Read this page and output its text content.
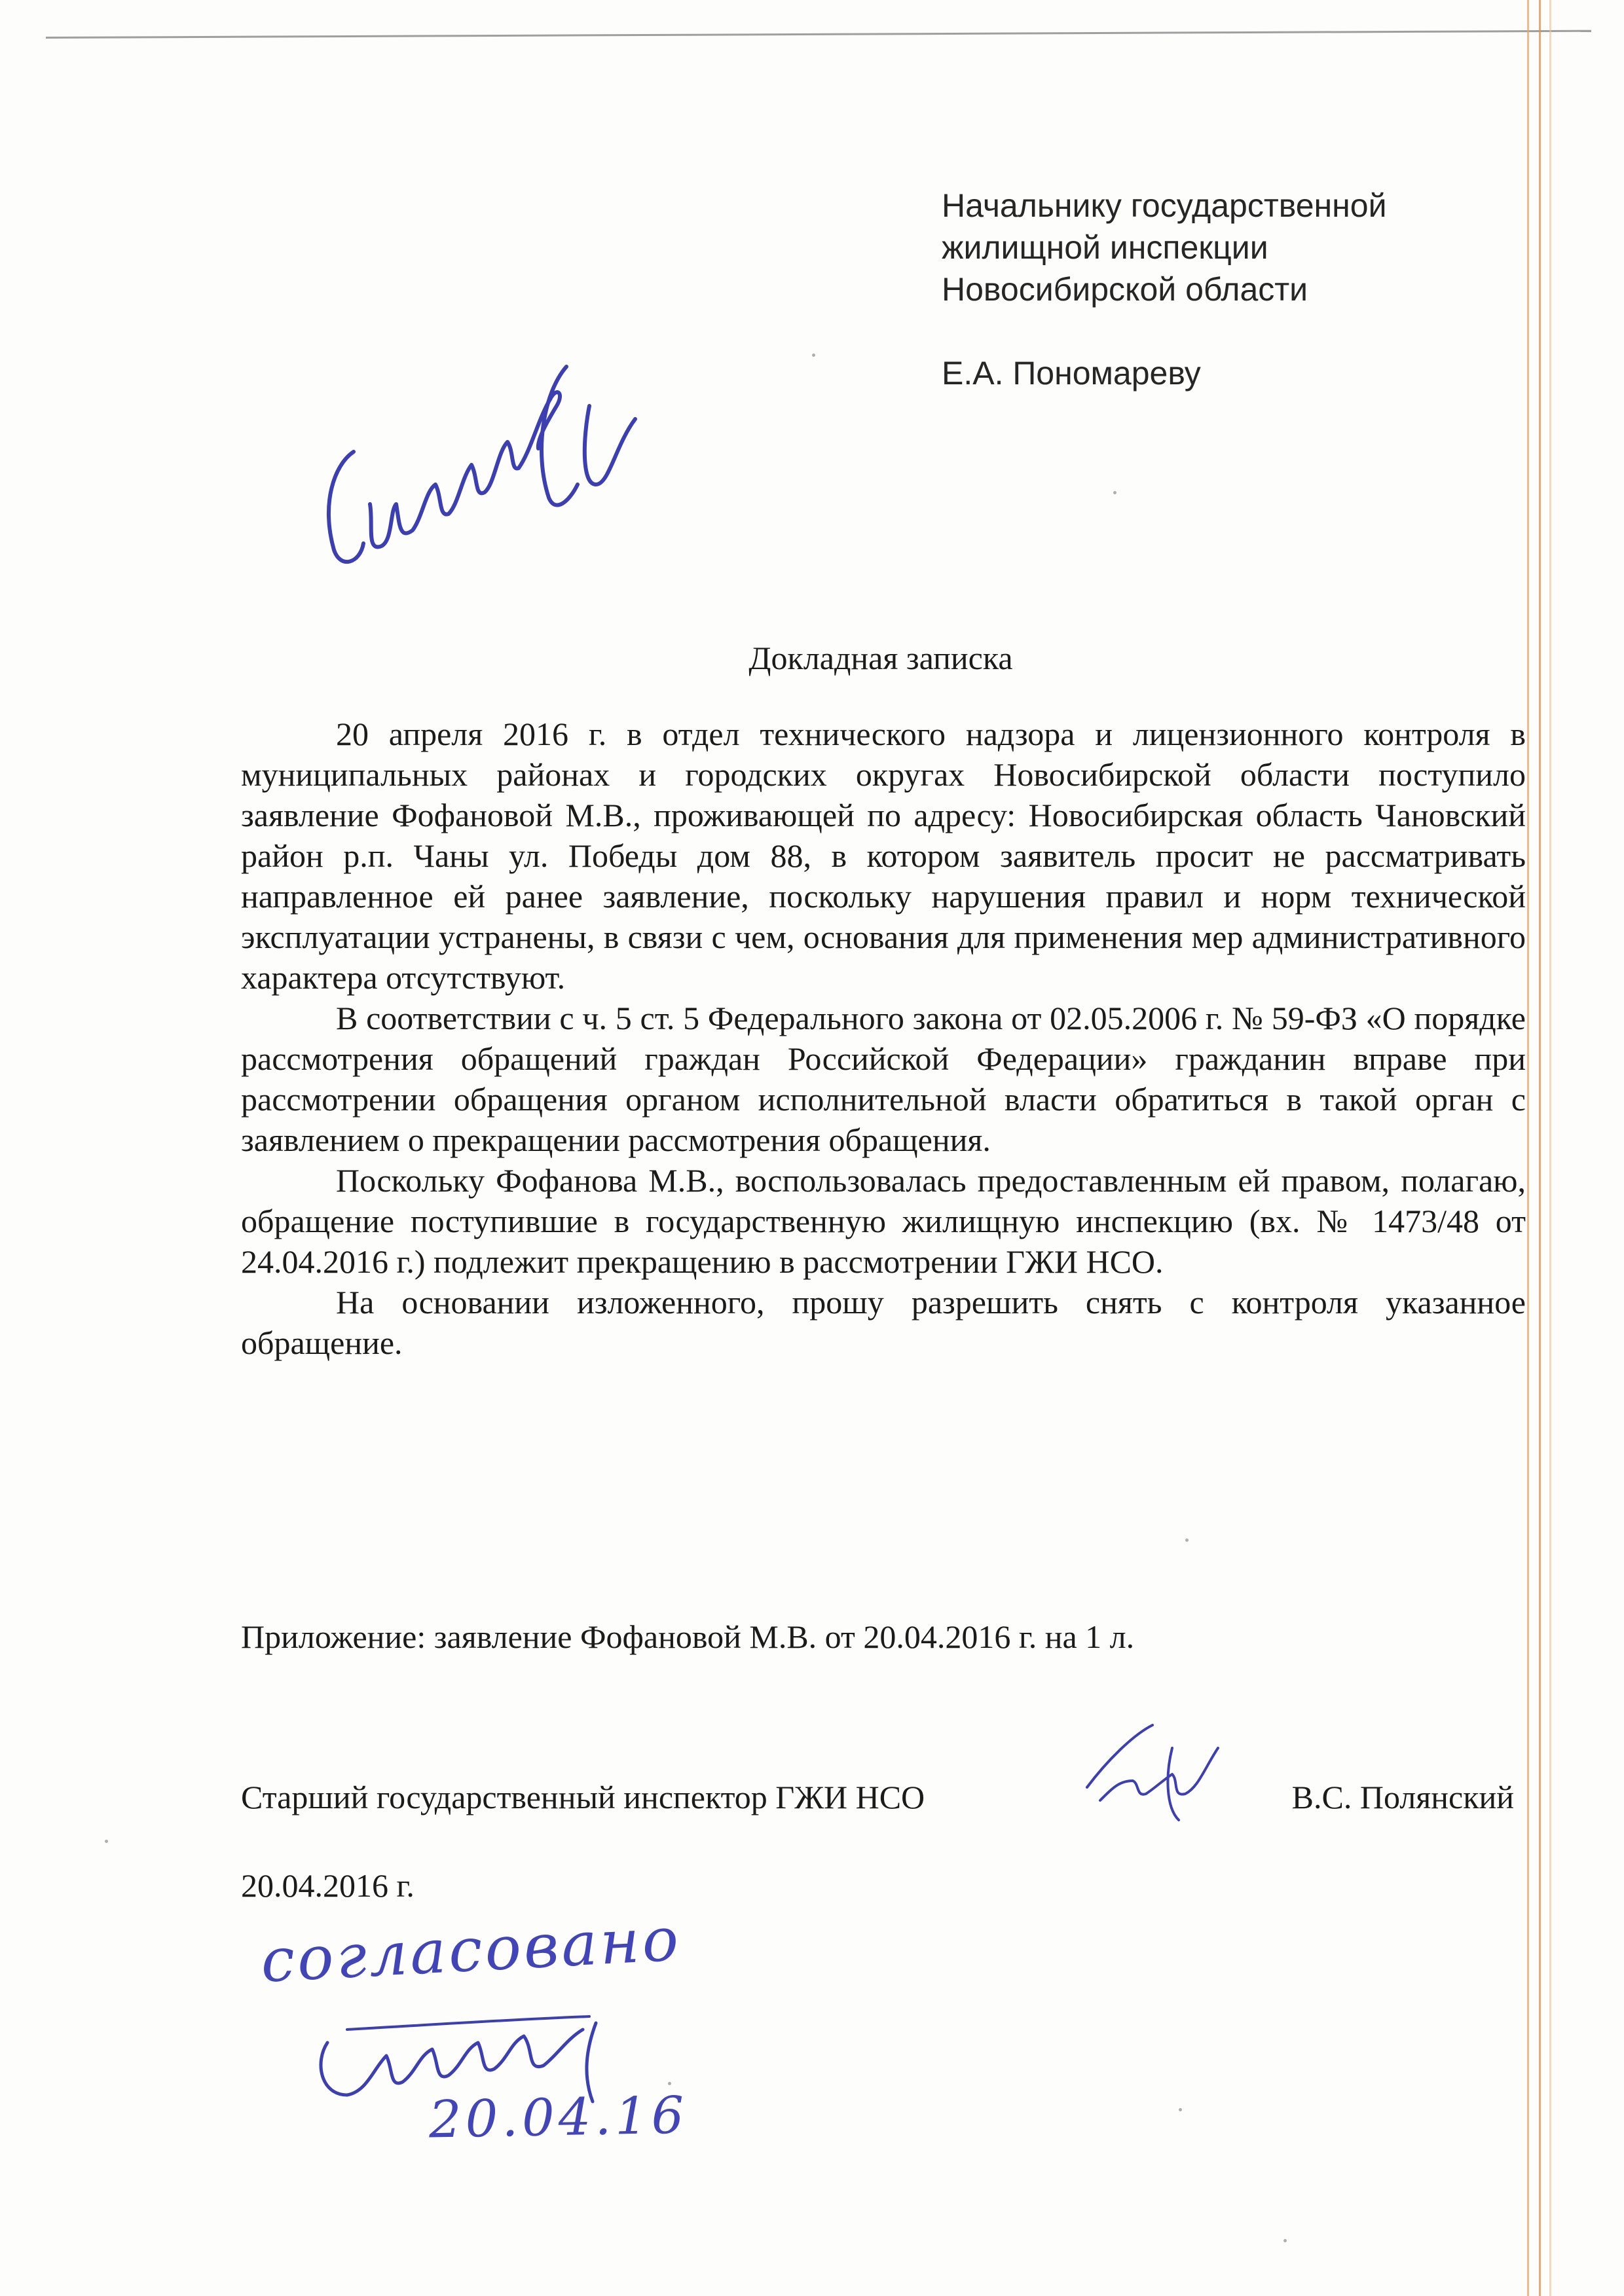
Начальнику государственной
жилищной инспекции
Новосибирской области
Е.А. Пономареву
Докладная записка

20 апреля 2016 г. в отдел технического надзора и лицензионного контроля в муниципальных районах и городских округах Новосибирской области поступило заявление Фофановой М.В., проживающей по адресу: Новосибирская область Чановский район р.п. Чаны ул. Победы дом 88, в котором заявитель просит не рассматривать направленное ей ранее заявление, поскольку нарушения правил и норм технической эксплуатации устранены, в связи с чем, основания для применения мер административного характера отсутствуют.

В соответствии с ч. 5 ст. 5 Федерального закона от 02.05.2006 г. № 59-ФЗ «О порядке рассмотрения обращений граждан Российской Федерации» гражданин вправе при рассмотрении обращения органом исполнительной власти обратиться в такой орган с заявлением о прекращении рассмотрения обращения.

Поскольку Фофанова М.В., воспользовалась предоставленным ей правом, полагаю, обращение поступившие в государственную жилищную инспекцию (вх. № 1473/48 от 24.04.2016 г.) подлежит прекращению в рассмотрении ГЖИ НСО.

На основании изложенного, прошу разрешить снять с контроля указанное обращение.

Приложение: заявление Фофановой М.В. от 20.04.2016 г. на 1 л.
Старший государственный инспектор ГЖИ НСО	В.С. Полянский
20.04.2016 г.
согласовано
20.04.16
